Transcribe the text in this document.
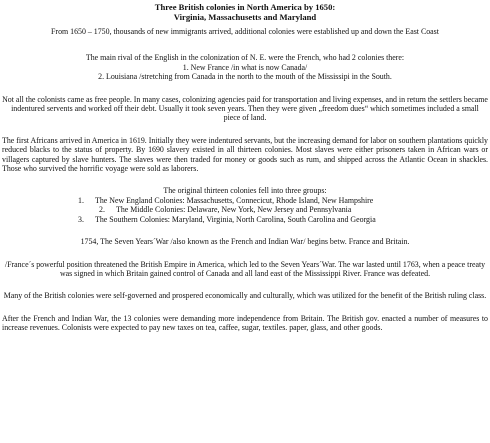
Three British colonies in North America by 1650:

Virginia, Massachusetts and Maryland

From 1650 – 1750, thousands of new immigrants arrived, additional colonies were established up and down the East Coast

The main rival of the English in the colonization of N. E. were the French, who had 2 colonies there:

1. New France /in what is now Canada/

2. Louisiana /stretching from Canada in the north to the mouth of the Mississipi in the South.

Not all the colonists came as free people. In many cases, colonizing agencies paid for transportation and living expenses, and in return the settlers became indentured servents and worked off their debt. Usually it took seven years. Then they were given „freedom dues“ which sometimes included a small piece of land.

The first Africans arrived in America in 1619. Initially they were indentured servants, but the increasing demand for labor on southern plantations quickly reduced blacks to the status of property. By 1690 slavery existed in all thirteen colonies. Most slaves were either prisoners taken in African wars or villagers captured by slave hunters. The slaves were then traded for money or goods such as rum, and shipped across the Atlantic Ocean in shackles. Those who survived the horrific voyage were sold as laborers.

The original thirteen colonies fell into three groups:

1. The New England Colonies: Massachusetts, Connecicut, Rhode Island, New Hampshire
2. The Middle Colonies: Delaware, New York, New Jersey and Pennsylvania
3. The Southern Colonies: Maryland, Virginia, North Carolina, South Carolina and Georgia

1754, The Seven Years´War /also known as the French and Indian War/ begins betw. France and Britain.

/France´s powerful position threatened the British Empire in America, which led to the Seven Years´War. The war lasted until 1763, when a peace treaty was signed in which Britain gained control of Canada and all land east of the Mississippi River. France was defeated.

Many of the British colonies were self-governed and prospered economically and culturally, which was utilized for the benefit of the British ruling class.

After the French and Indian War, the 13 colonies were demanding more independence from Britain. The British gov. enacted a number of measures to increase revenues. Colonists were expected to pay new taxes on tea, caffee, sugar, textiles. paper, glass, and other goods.
